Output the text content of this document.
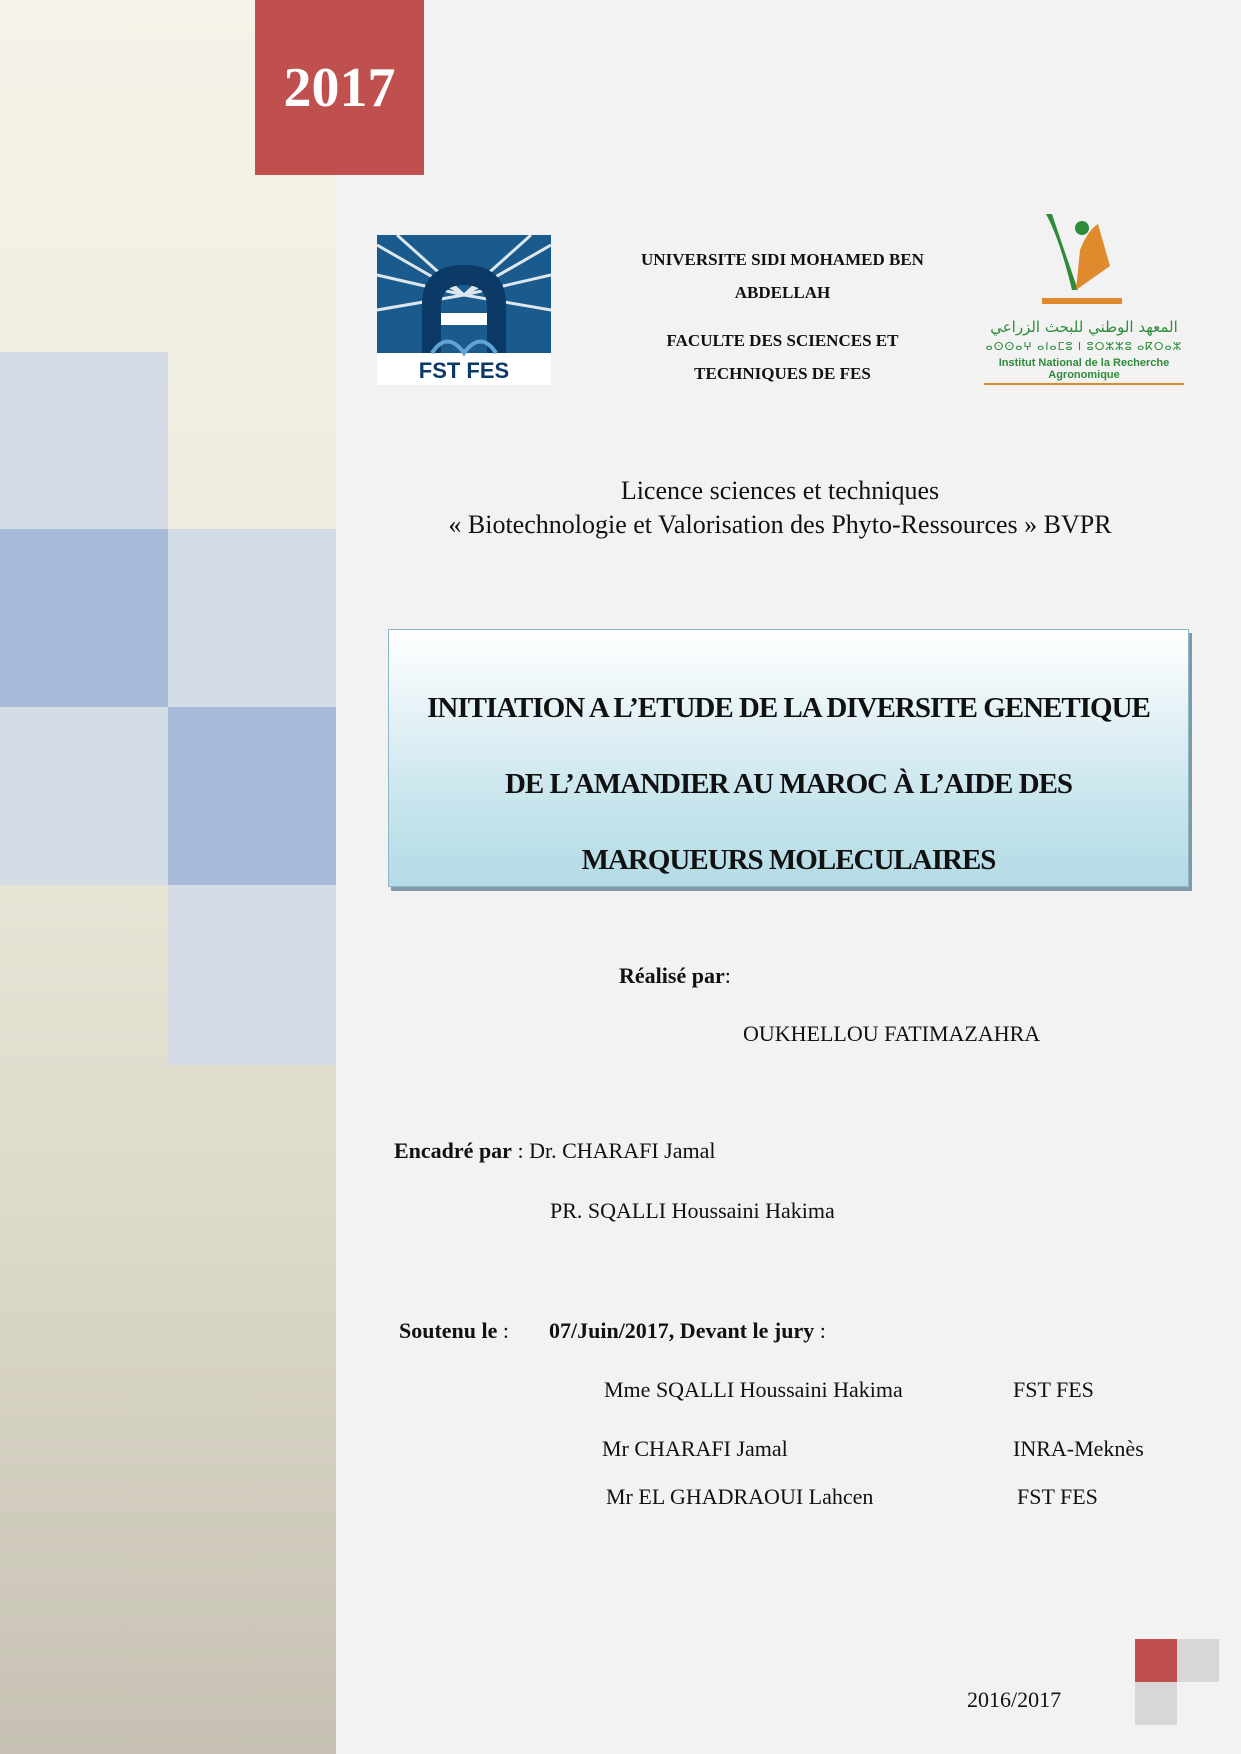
2017
FST FES
UNIVERSITE SIDI MOHAMED BEN
ABDELLAH
FACULTE DES SCIENCES ET
TECHNIQUES DE FES
المعهد الوطني للبحث الزراعي
ⴰⵙⵙⴰⵖ ⴰⵏⴰⵎⵓ ⵏ ⵓⵔⵣⵣⵓ ⴰⴽⵔⴰⵣ
Institut National de la Recherche Agronomique
Licence sciences et techniques
« Biotechnologie et Valorisation des Phyto-Ressources » BVPR
INITIATION A L’ETUDE DE LA DIVERSITE GENETIQUE
DE L’AMANDIER AU MAROC À L’AIDE DES
MARQUEURS MOLECULAIRES
Réalisé par:
OUKHELLOU FATIMAZAHRA
Encadré par : Dr. CHARAFI Jamal
PR. SQALLI Houssaini Hakima
Soutenu le : 07/Juin/2017, Devant le jury :
Mme SQALLI Houssaini Hakima	FST FES
Mr CHARAFI Jamal	INRA-Meknès
Mr EL GHADRAOUI Lahcen	FST FES
2016/2017
